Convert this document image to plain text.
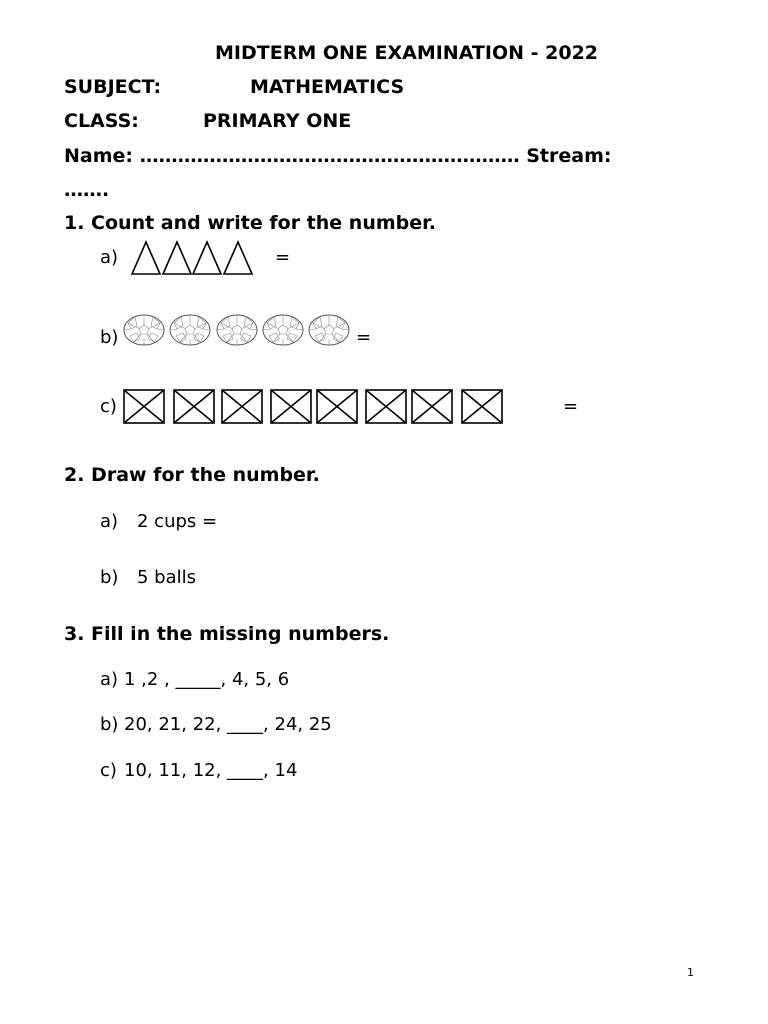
MIDTERM ONE EXAMINATION - 2022
SUBJECT:	MATHEMATICS
CLASS:	PRIMARY ONE
Name: …………………………………………………… Stream:
…….
1. Count and write for the number.
a)	=
b)	=
c)	=
2. Draw for the number.
a) 2 cups =
b) 5 balls
3. Fill in the missing numbers.
a) 1 ,2 , _____, 4, 5, 6
b) 20, 21, 22, ____, 24, 25
c) 10, 11, 12, ____, 14
1
